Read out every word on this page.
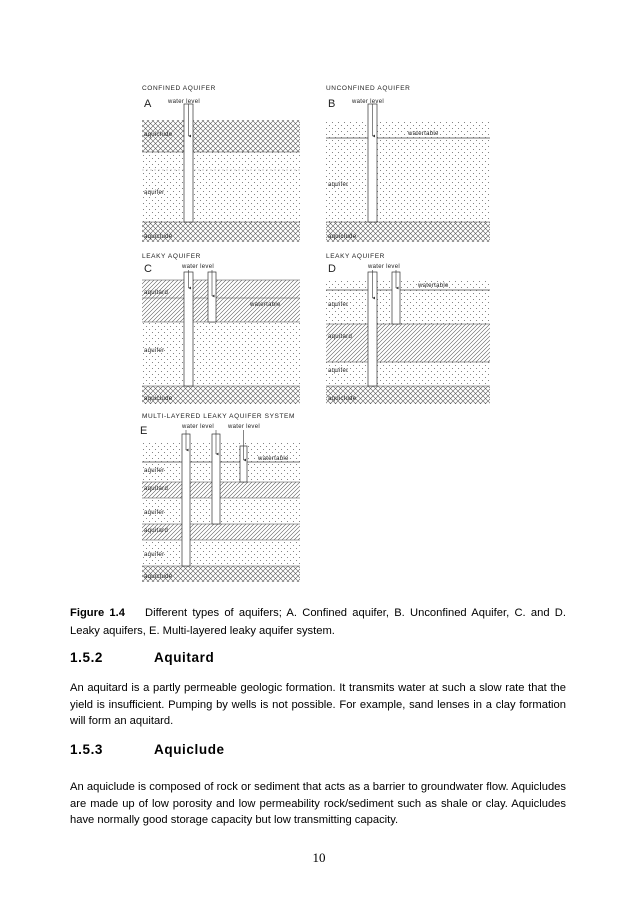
CONFINED AQUIFER
A	water level
aquiclude
aquifer
aquiclude
UNCONFINED AQUIFER
B	water level
watertable
aquifer
aquiclude
LEAKY AQUIFER
C	water level
aquitard
watertable
aquifer
aquiclude
LEAKY AQUIFER
D	water level
watertable
aquifer
aquitard
aquifer
aquiclude
MULTI-LAYERED LEAKY AQUIFER SYSTEM
E	water level water level
watertable
aquifer
aquitard
aquifer
aquitard
aquifer
aquiclude
Figure 1.4 Different types of aquifers; A. Confined aquifer, B. Unconfined Aquifer, C. and D. Leaky aquifers, E. Multi-layered leaky aquifer system.
1.5.2	Aquitard
An aquitard is a partly permeable geologic formation. It transmits water at such a slow rate that the yield is insufficient. Pumping by wells is not possible. For example, sand lenses in a clay formation will form an aquitard.
1.5.3	Aquiclude
An aquiclude is composed of rock or sediment that acts as a barrier to groundwater flow. Aquicludes are made up of low porosity and low permeability rock/sediment such as shale or clay. Aquicludes have normally good storage capacity but low transmitting capacity.
10
